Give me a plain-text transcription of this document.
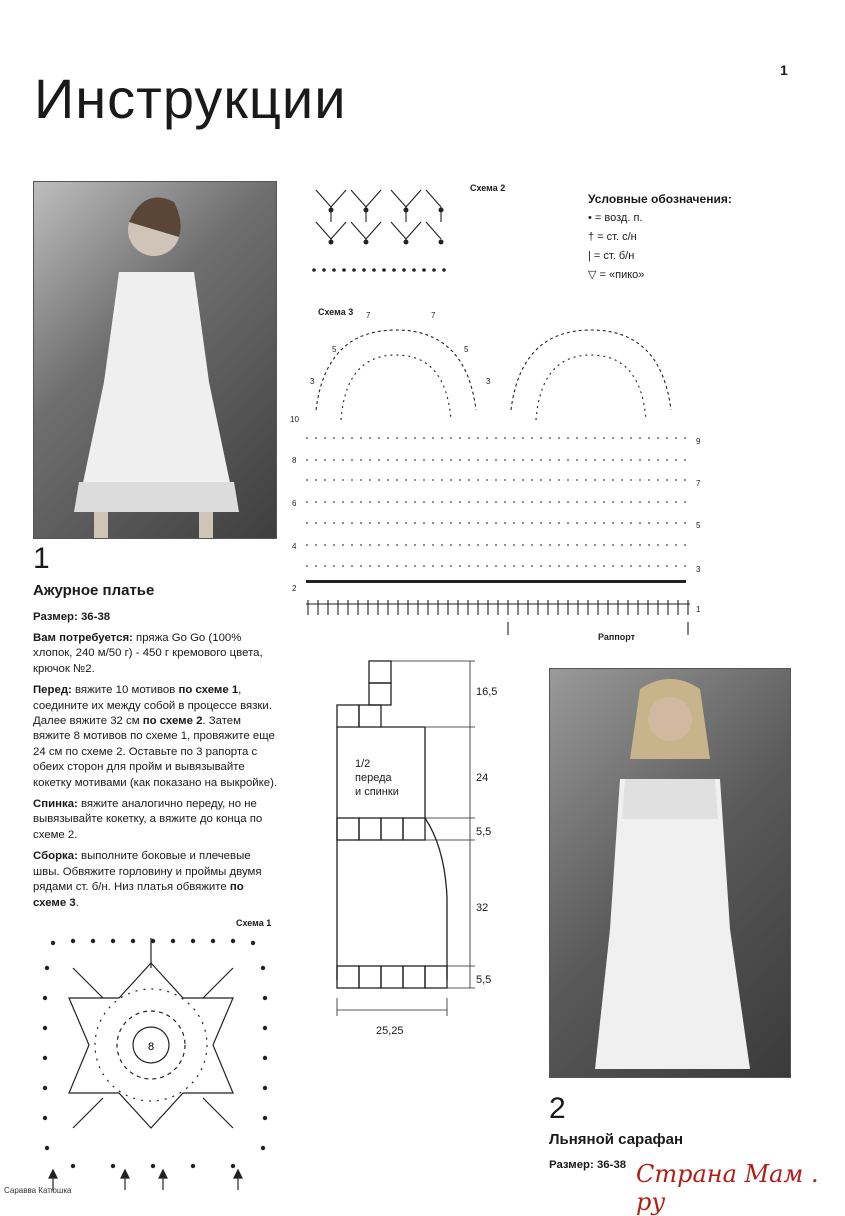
Инструкции	1
1
Ажурное платье
Размер: 36-38

Вам потребуется: пряжа Go Go (100% хлопок, 240 м/50 г) - 450 г кремового цвета, крючок №2.

Перед: вяжите 10 мотивов по схеме 1, соедините их между собой в процессе вязки. Далее вяжите 32 см по схеме 2. Затем вяжите 8 мотивов по схеме 1, провяжите еще 24 см по схеме 2. Оставьте по 3 рапорта с обеих сторон для пройм и вывязывайте кокетку мотивами (как показано на выкройке).

Спинка: вяжите аналогично переду, но не вывязывайте кокетку, а вяжите до конца по схеме 2.

Сборка: выполните боковые и плечевые швы. Обвяжите горловину и проймы двумя рядами ст. б/н. Низ платья обвяжите по схеме 3.

Схема 1
8
Схема 2
Условные обозначения:
• = возд. п.
† = ст. с/н
| = ст. б/н
▽ = «пико»
Схема 3 7	7
5	5
3	3
10
8
6
4
2
9
7
5
3
1
Раппорт
1/2
переда
и спинки
16,5
24
5,5
32
5,5
25,25
2
Льняной сарафан
Размер: 36-38 Страна Мам . ру
Саравва Катюшка
